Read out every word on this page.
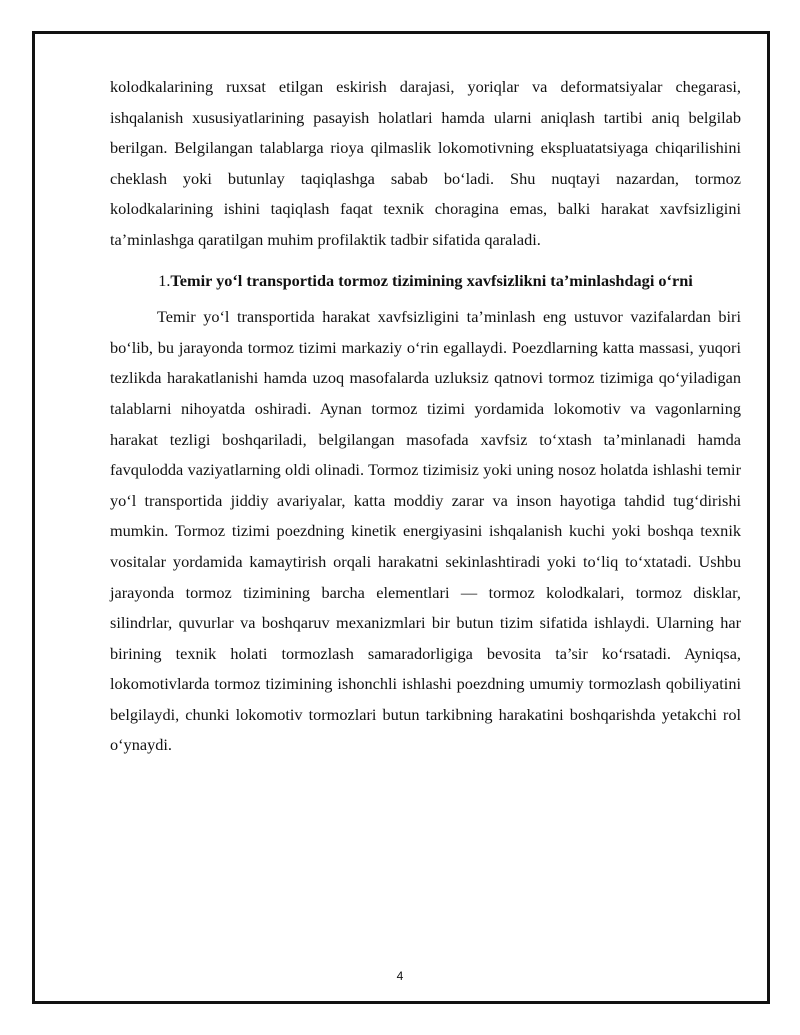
kolodkalarining ruxsat etilgan eskirish darajasi, yoriqlar va deformatsiyalar chegarasi, ishqalanish xususiyatlarining pasayish holatlari hamda ularni aniqlash tartibi aniq belgilab berilgan. Belgilangan talablarga rioya qilmaslik lokomotivning ekspluatatsiyaga chiqarilishini cheklash yoki butunlay taqiqlashga sabab bo‘ladi. Shu nuqtayi nazardan, tormoz kolodkalarining ishini taqiqlash faqat texnik choragina emas, balki harakat xavfsizligini ta’minlashga qaratilgan muhim profilaktik tadbir sifatida qaraladi.

1.Temir yo‘l transportida tormoz tizimining xavfsizlikni ta’minlashdagi o‘rni

Temir yo‘l transportida harakat xavfsizligini ta’minlash eng ustuvor vazifalardan biri bo‘lib, bu jarayonda tormoz tizimi markaziy o‘rin egallaydi. Poezdlarning katta massasi, yuqori tezlikda harakatlanishi hamda uzoq masofalarda uzluksiz qatnovi tormoz tizimiga qo‘yiladigan talablarni nihoyatda oshiradi. Aynan tormoz tizimi yordamida lokomotiv va vagonlarning harakat tezligi boshqariladi, belgilangan masofada xavfsiz to‘xtash ta’minlanadi hamda favqulodda vaziyatlarning oldi olinadi. Tormoz tizimisiz yoki uning nosoz holatda ishlashi temir yo‘l transportida jiddiy avariyalar, katta moddiy zarar va inson hayotiga tahdid tug‘dirishi mumkin. Tormoz tizimi poezdning kinetik energiyasini ishqalanish kuchi yoki boshqa texnik vositalar yordamida kamaytirish orqali harakatni sekinlashtiradi yoki to‘liq to‘xtatadi. Ushbu jarayonda tormoz tizimining barcha elementlari — tormoz kolodkalari, tormoz disklar, silindrlar, quvurlar va boshqaruv mexanizmlari bir butun tizim sifatida ishlaydi. Ularning har birining texnik holati tormozlash samaradorligiga bevosita ta’sir ko‘rsatadi. Ayniqsa, lokomotivlarda tormoz tizimining ishonchli ishlashi poezdning umumiy tormozlash qobiliyatini belgilaydi, chunki lokomotiv tormozlari butun tarkibning harakatini boshqarishda yetakchi rol o‘ynaydi.

4
